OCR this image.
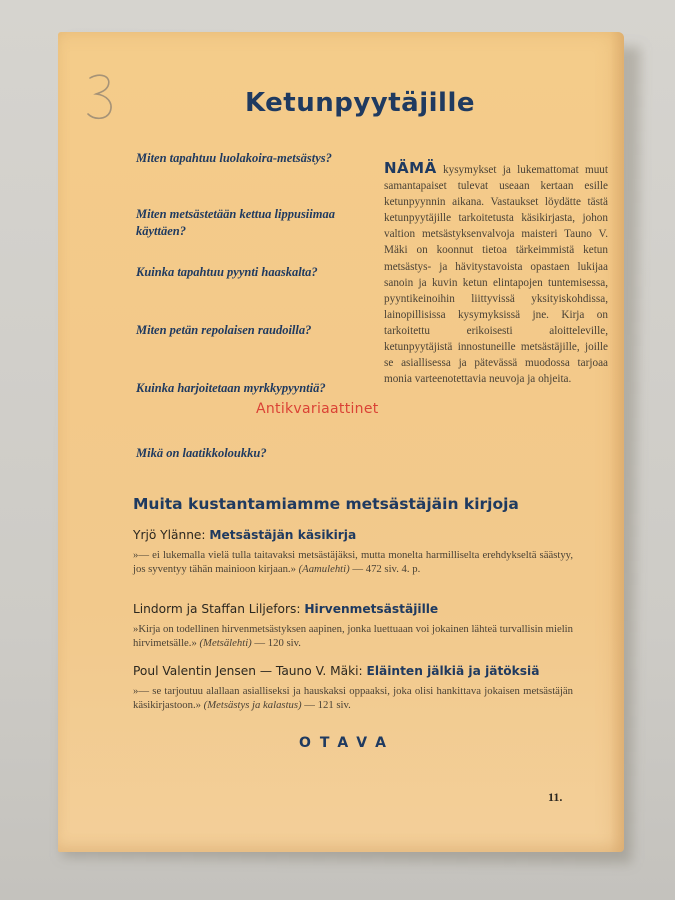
Ketunpyytäjille

Miten tapahtuu luolakoira-metsästys?

Miten metsästetään kettua lippusiimaa käyttäen?

Kuinka tapahtuu pyynti haaskalta?

Miten petän repolaisen raudoilla?

Kuinka harjoitetaan myrkkypyyntiä?

Mikä on laatikkoloukku?

NÄMÄ kysymykset ja lukemattomat muut samantapaiset tulevat useaan kertaan esille ketunpyynnin aikana. Vastaukset löydätte tästä ketunpyytäjille tarkoitetusta käsikirjasta, johon valtion metsästyksenvalvoja maisteri Tauno V. Mäki on koonnut tietoa tärkeimmistä ketun metsästys- ja hävitystavoista opastaen lukijaa sanoin ja kuvin ketun elintapojen tuntemisessa, pyyntikeinoihin liittyvissä yksityiskohdissa, lainopillisissa kysymyksissä jne. Kirja on tarkoitettu erikoisesti aloitteleville, ketunpyytäjistä innostuneille metsästäjille, joille se asiallisessa ja pätevässä muodossa tarjoaa monia varteenotettavia neuvoja ja ohjeita.

Antikvariaattinet
Muita kustantamiamme metsästäjäin kirjoja

Yrjö Ylänne: Metsästäjän käsikirja

»— ei lukemalla vielä tulla taitavaksi metsästäjäksi, mutta monelta harmilliselta erehdykseltä säästyy, jos syventyy tähän mainioon kirjaan.» (Aamulehti) — 472 siv. 4. p.

Lindorm ja Staffan Liljefors: Hirvenmetsästäjille

»Kirja on todellinen hirvenmetsästyksen aapinen, jonka luettuaan voi jokainen lähteä turvallisin mielin hirvimetsälle.» (Metsälehti) — 120 siv.

Poul Valentin Jensen — Tauno V. Mäki: Eläinten jälkiä ja jätöksiä

»— se tarjoutuu alallaan asialliseksi ja hauskaksi oppaaksi, joka olisi hankittava jokaisen metsästäjän käsikirjastoon.» (Metsästys ja kalastus) — 121 siv.

OTAVA

11.
